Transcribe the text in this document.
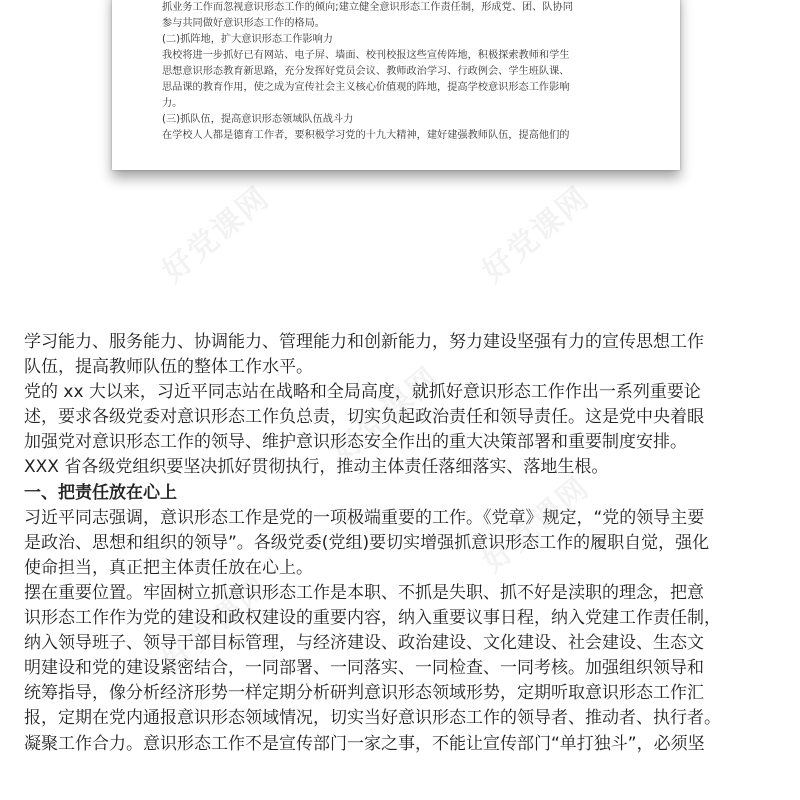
抓业务工作而忽视意识形态工作的倾向;建立健全意识形态工作责任制，形成党、团、队协同
参与共同做好意识形态工作的格局。
(二)抓阵地，扩大意识形态工作影响力
我校将进一步抓好已有网站、电子屏、墙面、校刊校报这些宣传阵地，积极探索教师和学生
思想意识形态教育新思路，充分发挥好党员会议、教师政治学习、行政例会、学生班队课、
思品课的教育作用，使之成为宣传社会主义核心价值观的阵地，提高学校意识形态工作影响
力。
(三)抓队伍，提高意识形态领域队伍战斗力
在学校人人都是德育工作者，要积极学习党的十九大精神，建好建强教师队伍，提高他们的
好党课网	好党课网
好党课网
好党课网
好党课网
学习能力、服务能力、协调能力、管理能力和创新能力，努力建设坚强有力的宣传思想工作
队伍，提高教师队伍的整体工作水平。
党的 xx 大以来，习近平同志站在战略和全局高度，就抓好意识形态工作作出一系列重要论
述，要求各级党委对意识形态工作负总责，切实负起政治责任和领导责任。这是党中央着眼
加强党对意识形态工作的领导、维护意识形态安全作出的重大决策部署和重要制度安排。
XXX 省各级党组织要坚决抓好贯彻执行，推动主体责任落细落实、落地生根。
一、把责任放在心上
习近平同志强调，意识形态工作是党的一项极端重要的工作。《党章》规定，“党的领导主要
是政治、思想和组织的领导”。各级党委(党组)要切实增强抓意识形态工作的履职自觉，强化
使命担当，真正把主体责任放在心上。
摆在重要位置。牢固树立抓意识形态工作是本职、不抓是失职、抓不好是渎职的理念，把意
识形态工作作为党的建设和政权建设的重要内容，纳入重要议事日程，纳入党建工作责任制，
纳入领导班子、领导干部目标管理，与经济建设、政治建设、文化建设、社会建设、生态文
明建设和党的建设紧密结合，一同部署、一同落实、一同检查、一同考核。加强组织领导和
统筹指导，像分析经济形势一样定期分析研判意识形态领域形势，定期听取意识形态工作汇
报，定期在党内通报意识形态领域情况，切实当好意识形态工作的领导者、推动者、执行者。
凝聚工作合力。意识形态工作不是宣传部门一家之事，不能让宣传部门“单打独斗”，必须坚
